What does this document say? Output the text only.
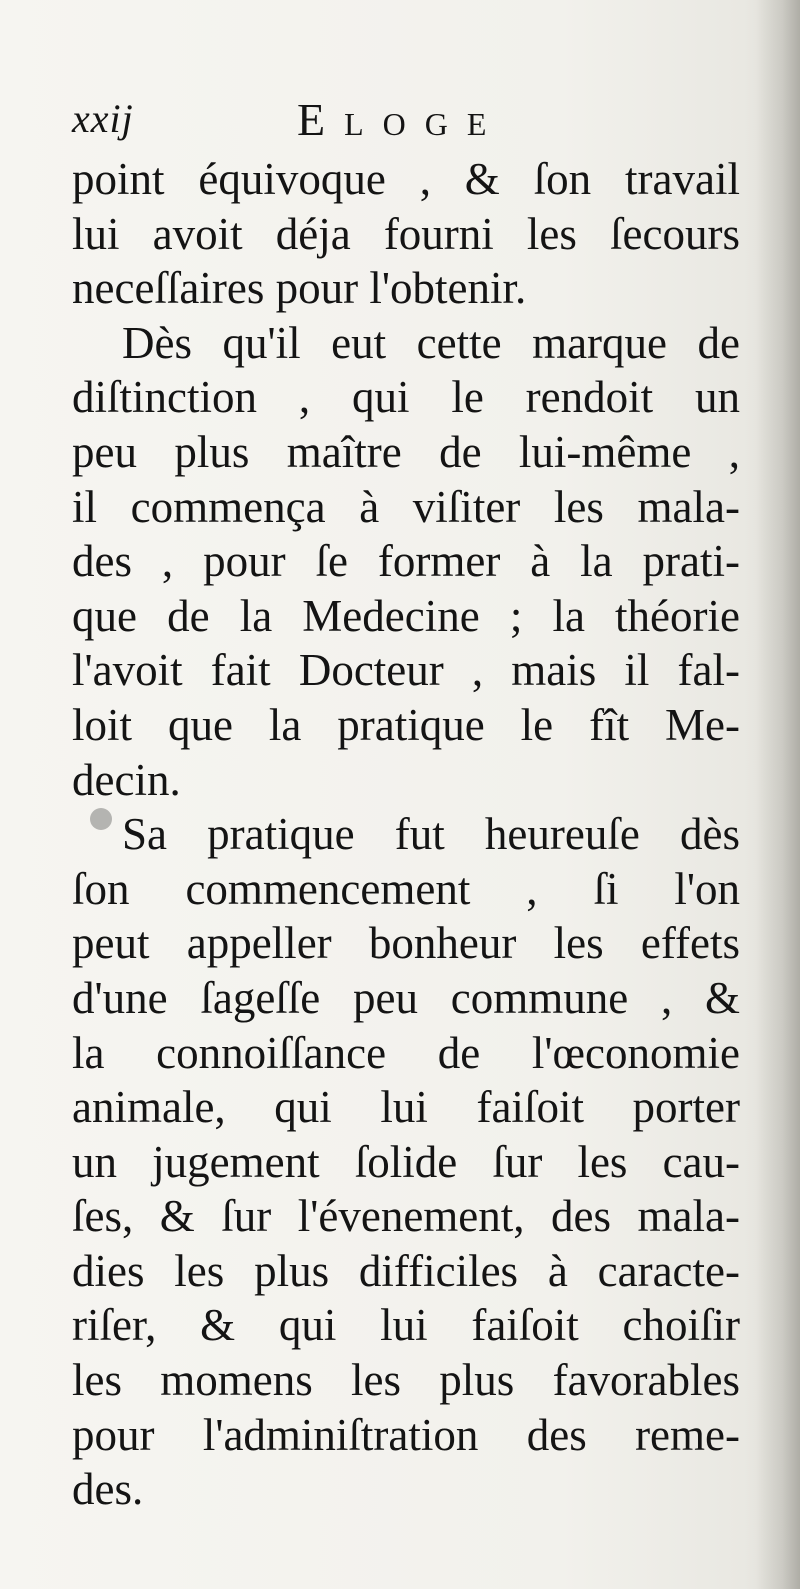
xxij	Eloge
point équivoque , & ſon travail
lui avoit déja fourni les ſecours
neceſſaires pour l'obtenir.
Dès qu'il eut cette marque de
diſtinction , qui le rendoit un
peu plus maître de lui-même ,
il commença à viſiter les mala-
des , pour ſe former à la prati-
que de la Medecine ; la théorie
l'avoit fait Docteur , mais il fal-
loit que la pratique le fît Me-
decin.
Sa pratique fut heureuſe dès
ſon commencement , ſi l'on
peut appeller bonheur les effets
d'une ſageſſe peu commune , &
la connoiſſance de l'œconomie
animale, qui lui faiſoit porter
un jugement ſolide ſur les cau-
ſes, & ſur l'évenement, des mala-
dies les plus difficiles à caracte-
riſer, & qui lui faiſoit choiſir
les momens les plus favorables
pour l'adminiſtration des reme-
des.
